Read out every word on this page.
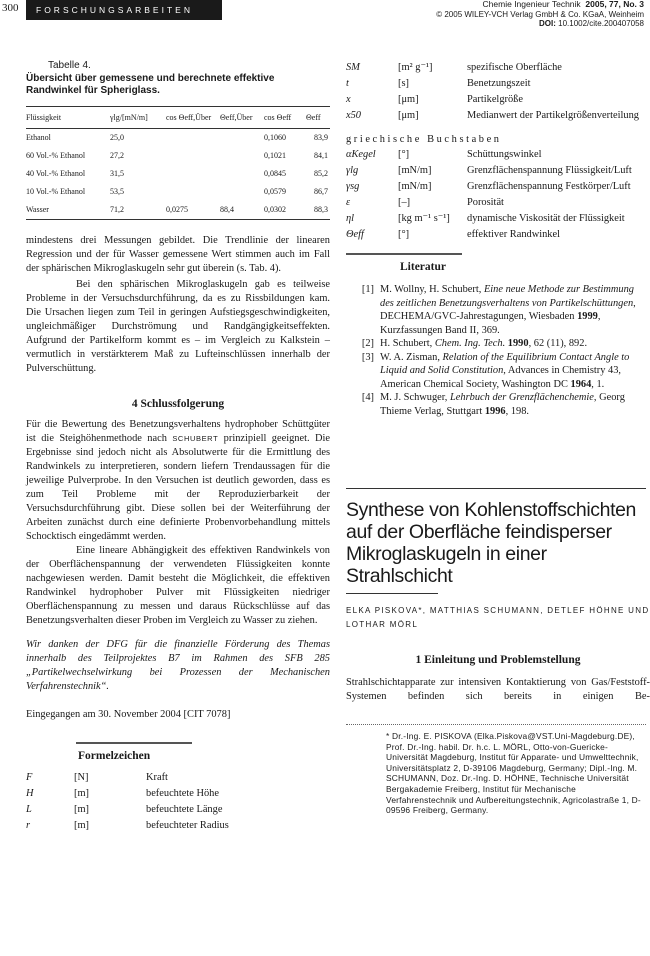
300	FORSCHUNGSARBEITEN
Chemie Ingenieur Technik 2005, 77, No. 3
© 2005 WILEY-VCH Verlag GmbH & Co. KGaA, Weinheim
DOI: 10.1002/cite.200407058
Tabelle 4.
Übersicht über gemessene und berechnete effektive Randwinkel für Spheriglass.
Flüssigkeit	γlg/[mN/m]	cos Θeff,Über	Θeff,Über	cos Θeff	Θeff
Ethanol	25,0			0,1060	83,9
60 Vol.-% Ethanol	27,2			0,1021	84,1
40 Vol.-% Ethanol	31,5			0,0845	85,2
10 Vol.-% Ethanol	53,5			0,0579	86,7
Wasser	71,2	0,0275	88,4	0,0302	88,3

mindestens drei Messungen gebildet. Die Trendlinie der linearen Regression und der für Wasser gemessene Wert stimmen auch im Fall der sphärischen Mikroglaskugeln sehr gut überein (s. Tab. 4).

Bei den sphärischen Mikroglaskugeln gab es teilweise Probleme in der Versuchsdurchführung, da es zu Rissbildungen kam. Die Ursachen liegen zum Teil in geringen Aufstiegsgeschwindigkeiten, ungleichmäßiger Durchströmung und Randgängigkeitseffekten. Aufgrund der Partikelform kommt es – im Vergleich zu Kalkstein – vermutlich in verstärkterem Maß zu Lufteinschlüssen innerhalb der Pulverschüttung.

4 Schlussfolgerung

Für die Bewertung des Benetzungsverhaltens hydrophober Schüttgüter ist die Steighöhenmethode nach SCHUBERT prinzipiell geeignet. Die Ergebnisse sind jedoch nicht als Absolutwerte für die Ermittlung des Randwinkels zu interpretieren, sondern liefern Trendaussagen für die jeweilige Pulverprobe. In den Versuchen ist deutlich geworden, dass es zum Teil Probleme mit der Reproduzierbarkeit der Versuchsdurchführung gibt. Diese sollen bei der Weiterführung der Arbeiten zunächst durch eine definierte Probenvorbehandlung mittels Schocktisch eingedämmt werden.

Eine lineare Abhängigkeit des effektiven Randwinkels von der Oberflächenspannung der verwendeten Flüssigkeiten konnte nachgewiesen werden. Damit besteht die Möglichkeit, die effektiven Randwinkel hydrophober Pulver mit Flüssigkeiten niedriger Oberflächenspannung zu messen und daraus Rückschlüsse auf das Benetzungsverhalten dieser Proben im Vergleich zu Wasser zu ziehen.

Wir danken der DFG für die finanzielle Förderung des Themas innerhalb des Teilprojektes B7 im Rahmen des SFB 285 „Partikelwechselwirkung bei Prozessen der Mechanischen Verfahrenstechnik“.

Eingegangen am 30. November 2004 [CIT 7078]

Formelzeichen
F	[N]	Kraft
H	[m]	befeuchtete Höhe
L	[m]	befeuchtete Länge
r	[m]	befeuchteter Radius
SM	[m² g⁻¹]	spezifische Oberfläche
t	[s]	Benetzungszeit
x	[μm]	Partikelgröße
x50	[μm]	Medianwert der Partikelgrößenverteilung
griechische Buchstaben
αKegel	[°]	Schüttungswinkel
γlg	[mN/m]	Grenzflächenspannung Flüssigkeit/Luft
γsg	[mN/m]	Grenzflächenspannung Festkörper/Luft
ε	[–]	Porosität
ηl	[kg m⁻¹ s⁻¹]	dynamische Viskosität der Flüssigkeit
Θeff	[°]	effektiver Randwinkel
Literatur
[1] M. Wollny, H. Schubert, Eine neue Methode zur Bestimmung des zeitlichen Benetzungsverhaltens von Partikelschüttungen, DECHEMA/GVC-Jahrestagungen, Wiesbaden 1999, Kurzfassungen Band II, 369.
[2] H. Schubert, Chem. Ing. Tech. 1990, 62 (11), 892.
[3] W. A. Zisman, Relation of the Equilibrium Contact Angle to Liquid and Solid Constitution, Advances in Chemistry 43, American Chemical Society, Washington DC 1964, 1.
[4] M. J. Schwuger, Lehrbuch der Grenzflächenchemie, Georg Thieme Verlag, Stuttgart 1996, 198.
Synthese von Kohlenstoffschichten auf der Oberfläche feindisperser Mikroglaskugeln in einer Strahlschicht
ELKA PISKOVA*, MATTHIAS SCHUMANN, DETLEF HÖHNE UND LOTHAR MÖRL
1 Einleitung und Problemstellung

Strahlschichtapparate zur intensiven Kontaktierung von Gas/Feststoff-Systemen befinden sich bereits in einigen Be-

* Dr.-Ing. E. PISKOVA (Elka.Piskova@VST.Uni-Magdeburg.DE), Prof. Dr.-Ing. habil. Dr. h.c. L. MÖRL, Otto-von-Guericke-Universität Magdeburg, Institut für Apparate- und Umwelttechnik, Universitätsplatz 2, D-39106 Magdeburg, Germany; Dipl.-Ing. M. SCHUMANN, Doz. Dr.-Ing. D. HÖHNE, Technische Universität Bergakademie Freiberg, Institut für Mechanische Verfahrenstechnik und Aufbereitungstechnik, Agricolastraße 1, D-09596 Freiberg, Germany.
